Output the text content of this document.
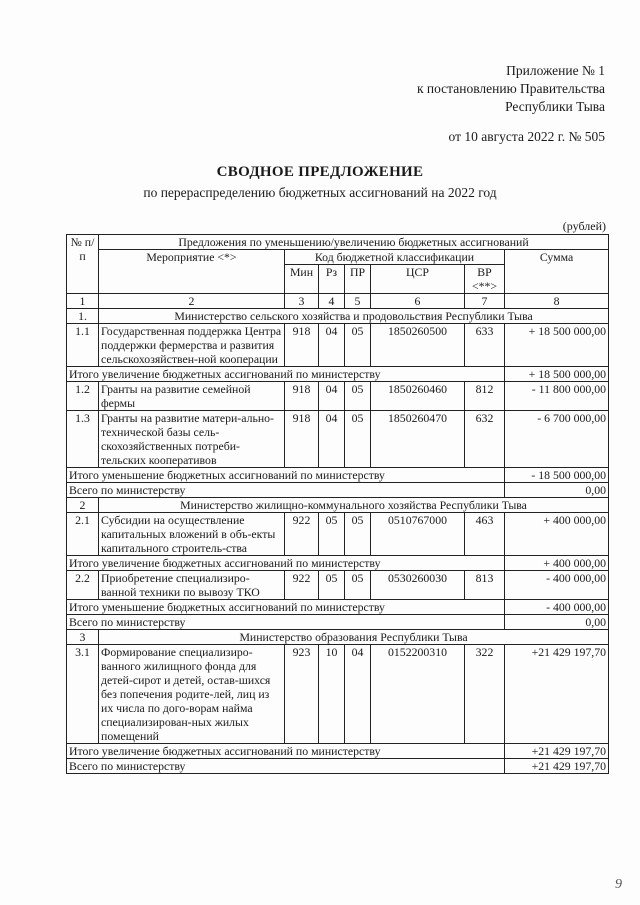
Приложение № 1
к постановлению Правительства
Республики Тыва
от 10 августа 2022 г. № 505
СВОДНОЕ ПРЕДЛОЖЕНИЕ
по перераспределению бюджетных ассигнований на 2022 год
(рублей)
№ п/п	Предложения по уменьшению/увеличению бюджетных ассигнований						
	Мероприятие <*>	Код бюджетной классификации					Сумма
		Мин	Рз	ПР	ЦСР	ВР <**>	
1	2	3	4	5	6	7	8
1.	Министерство сельского хозяйства и продовольствия Республики Тыва						
1.1	Государственная поддержка Центра поддержки фермерства и развития сельскохозяйствен-ной кооперации	918	04	05	1850260500	633	+ 18 500 000,00
Итого увеличение бюджетных ассигнований по министерству							+ 18 500 000,00
1.2	Гранты на развитие семейной фермы	918	04	05	1850260460	812	- 11 800 000,00
1.3	Гранты на развитие матери-ально-технической базы сель-скохозяйственных потреби-тельских кооперативов	918	04	05	1850260470	632	- 6 700 000,00
Итого уменьшение бюджетных ассигнований по министерству							- 18 500 000,00
Всего по министерству							0,00
2	Министерство жилищно-коммунального хозяйства Республики Тыва						
2.1	Субсидии на осуществление капитальных вложений в объ-екты капитального строитель-ства	922	05	05	0510767000	463	+ 400 000,00
Итого увеличение бюджетных ассигнований по министерству							+ 400 000,00
2.2	Приобретение специализиро-ванной техники по вывозу ТКО	922	05	05	0530260030	813	- 400 000,00
Итого уменьшение бюджетных ассигнований по министерству							- 400 000,00
Всего по министерству							0,00
3	Министерство образования Республики Тыва						
3.1	Формирование специализиро-ванного жилищного фонда для детей-сирот и детей, остав-шихся без попечения родите-лей, лиц из их числа по дого-ворам найма специализирован-ных жилых помещений	923	10	04	0152200310	322	+21 429 197,70
Итого увеличение бюджетных ассигнований по министерству							+21 429 197,70
Всего по министерству							+21 429 197,70
9
